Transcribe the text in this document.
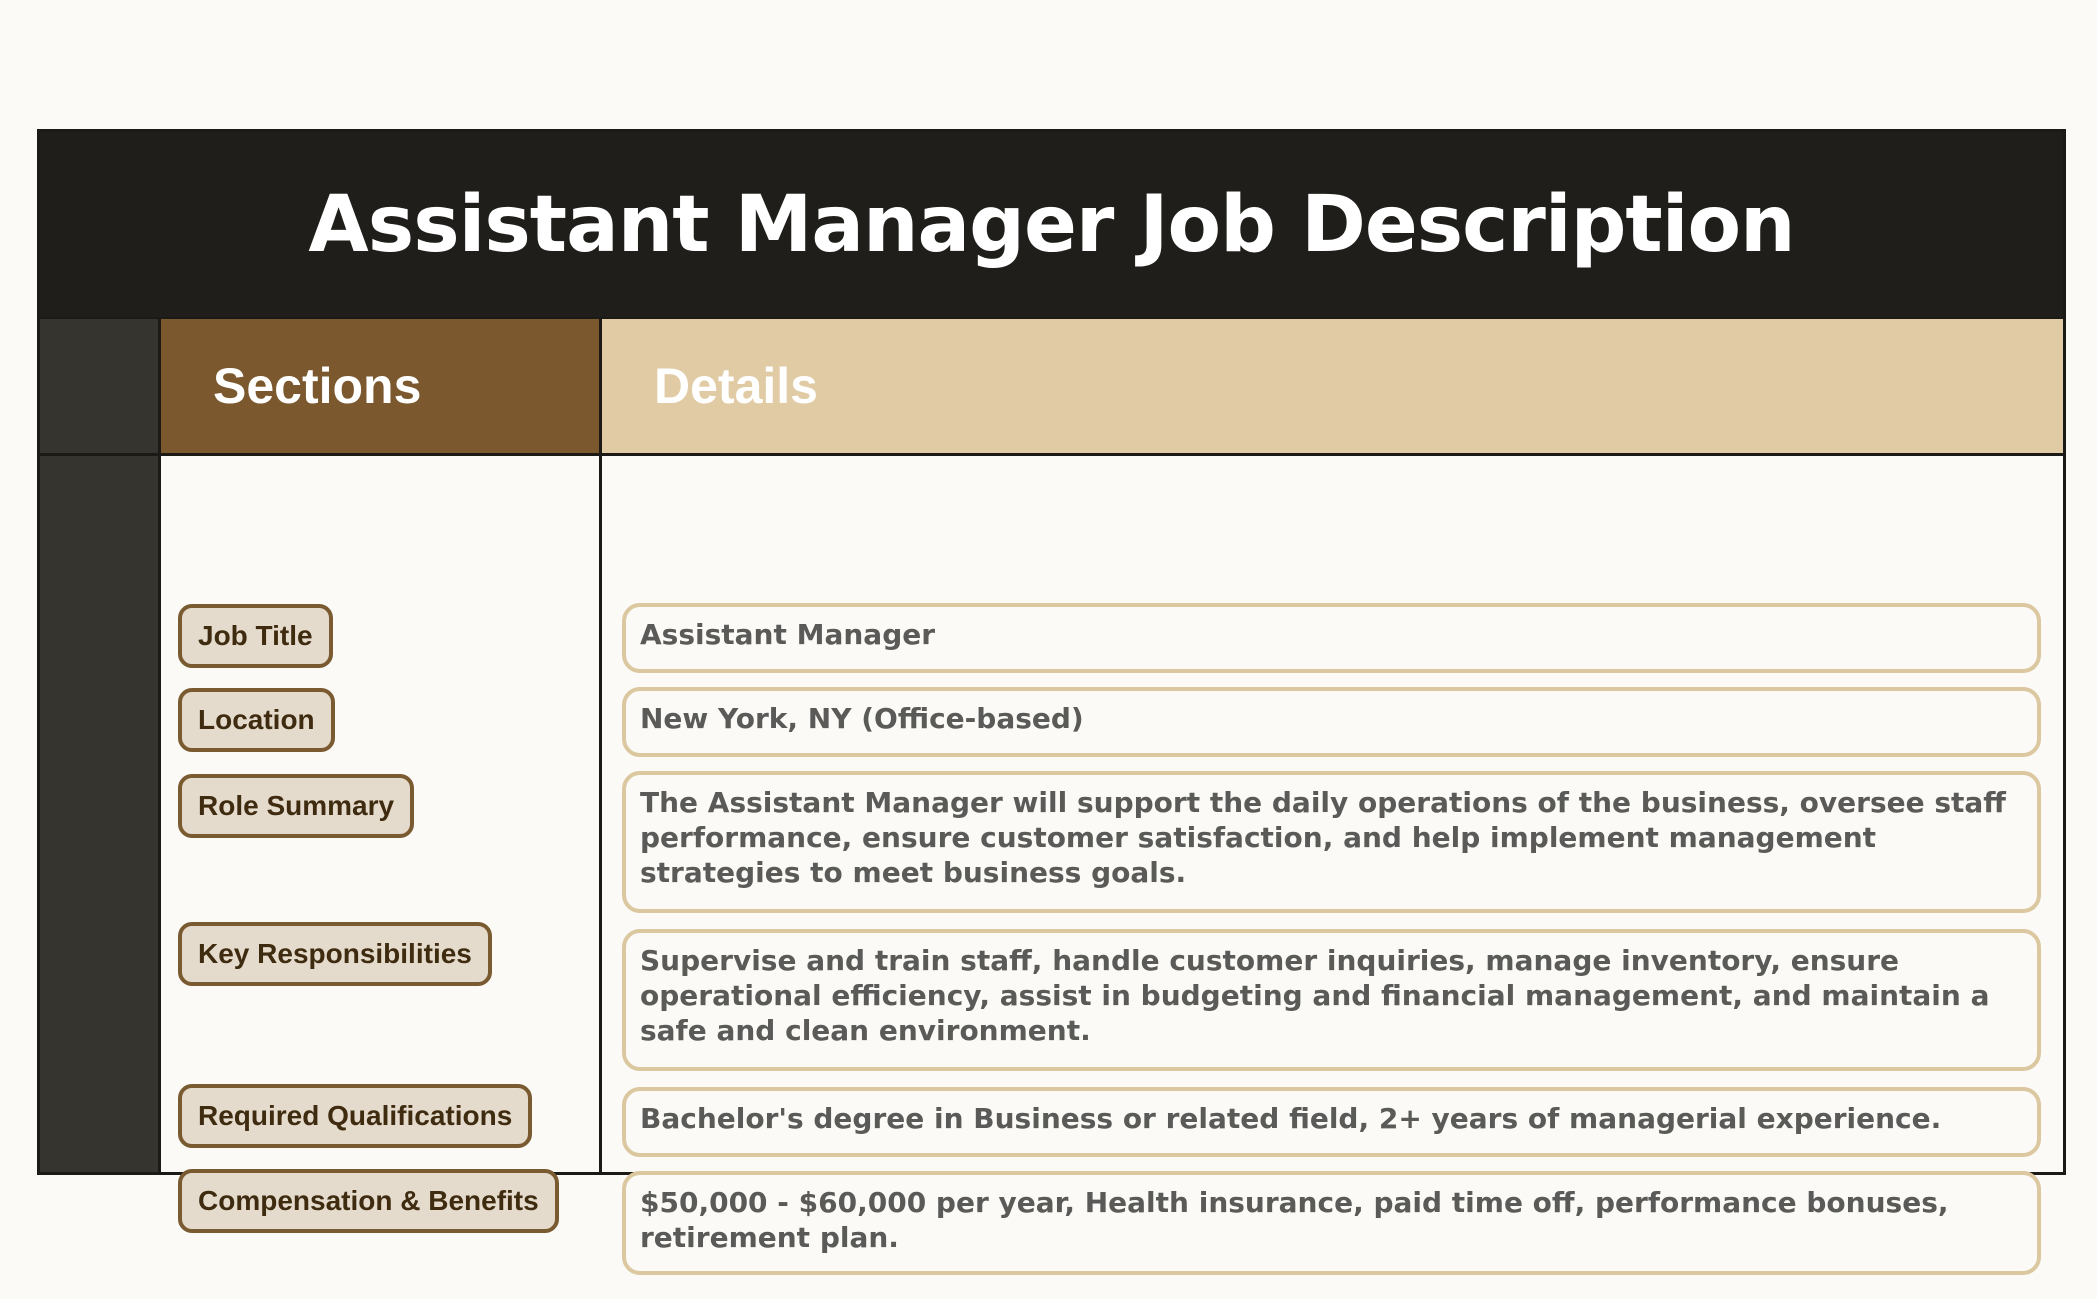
Assistant Manager Job Description
Sections	Details
Job Title
Location
Role Summary
Key Responsibilities
Required Qualifications
Compensation & Benefits
Assistant Manager
New York, NY (Office-based)
The Assistant Manager will support the daily operations of the business, oversee staff performance, ensure customer satisfaction, and help implement management strategies to meet business goals.
Supervise and train staff, handle customer inquiries, manage inventory, ensure operational efficiency, assist in budgeting and financial management, and maintain a safe and clean environment.
Bachelor's degree in Business or related field, 2+ years of managerial experience.
$50,000 - $60,000 per year, Health insurance, paid time off, performance bonuses, retirement plan.
